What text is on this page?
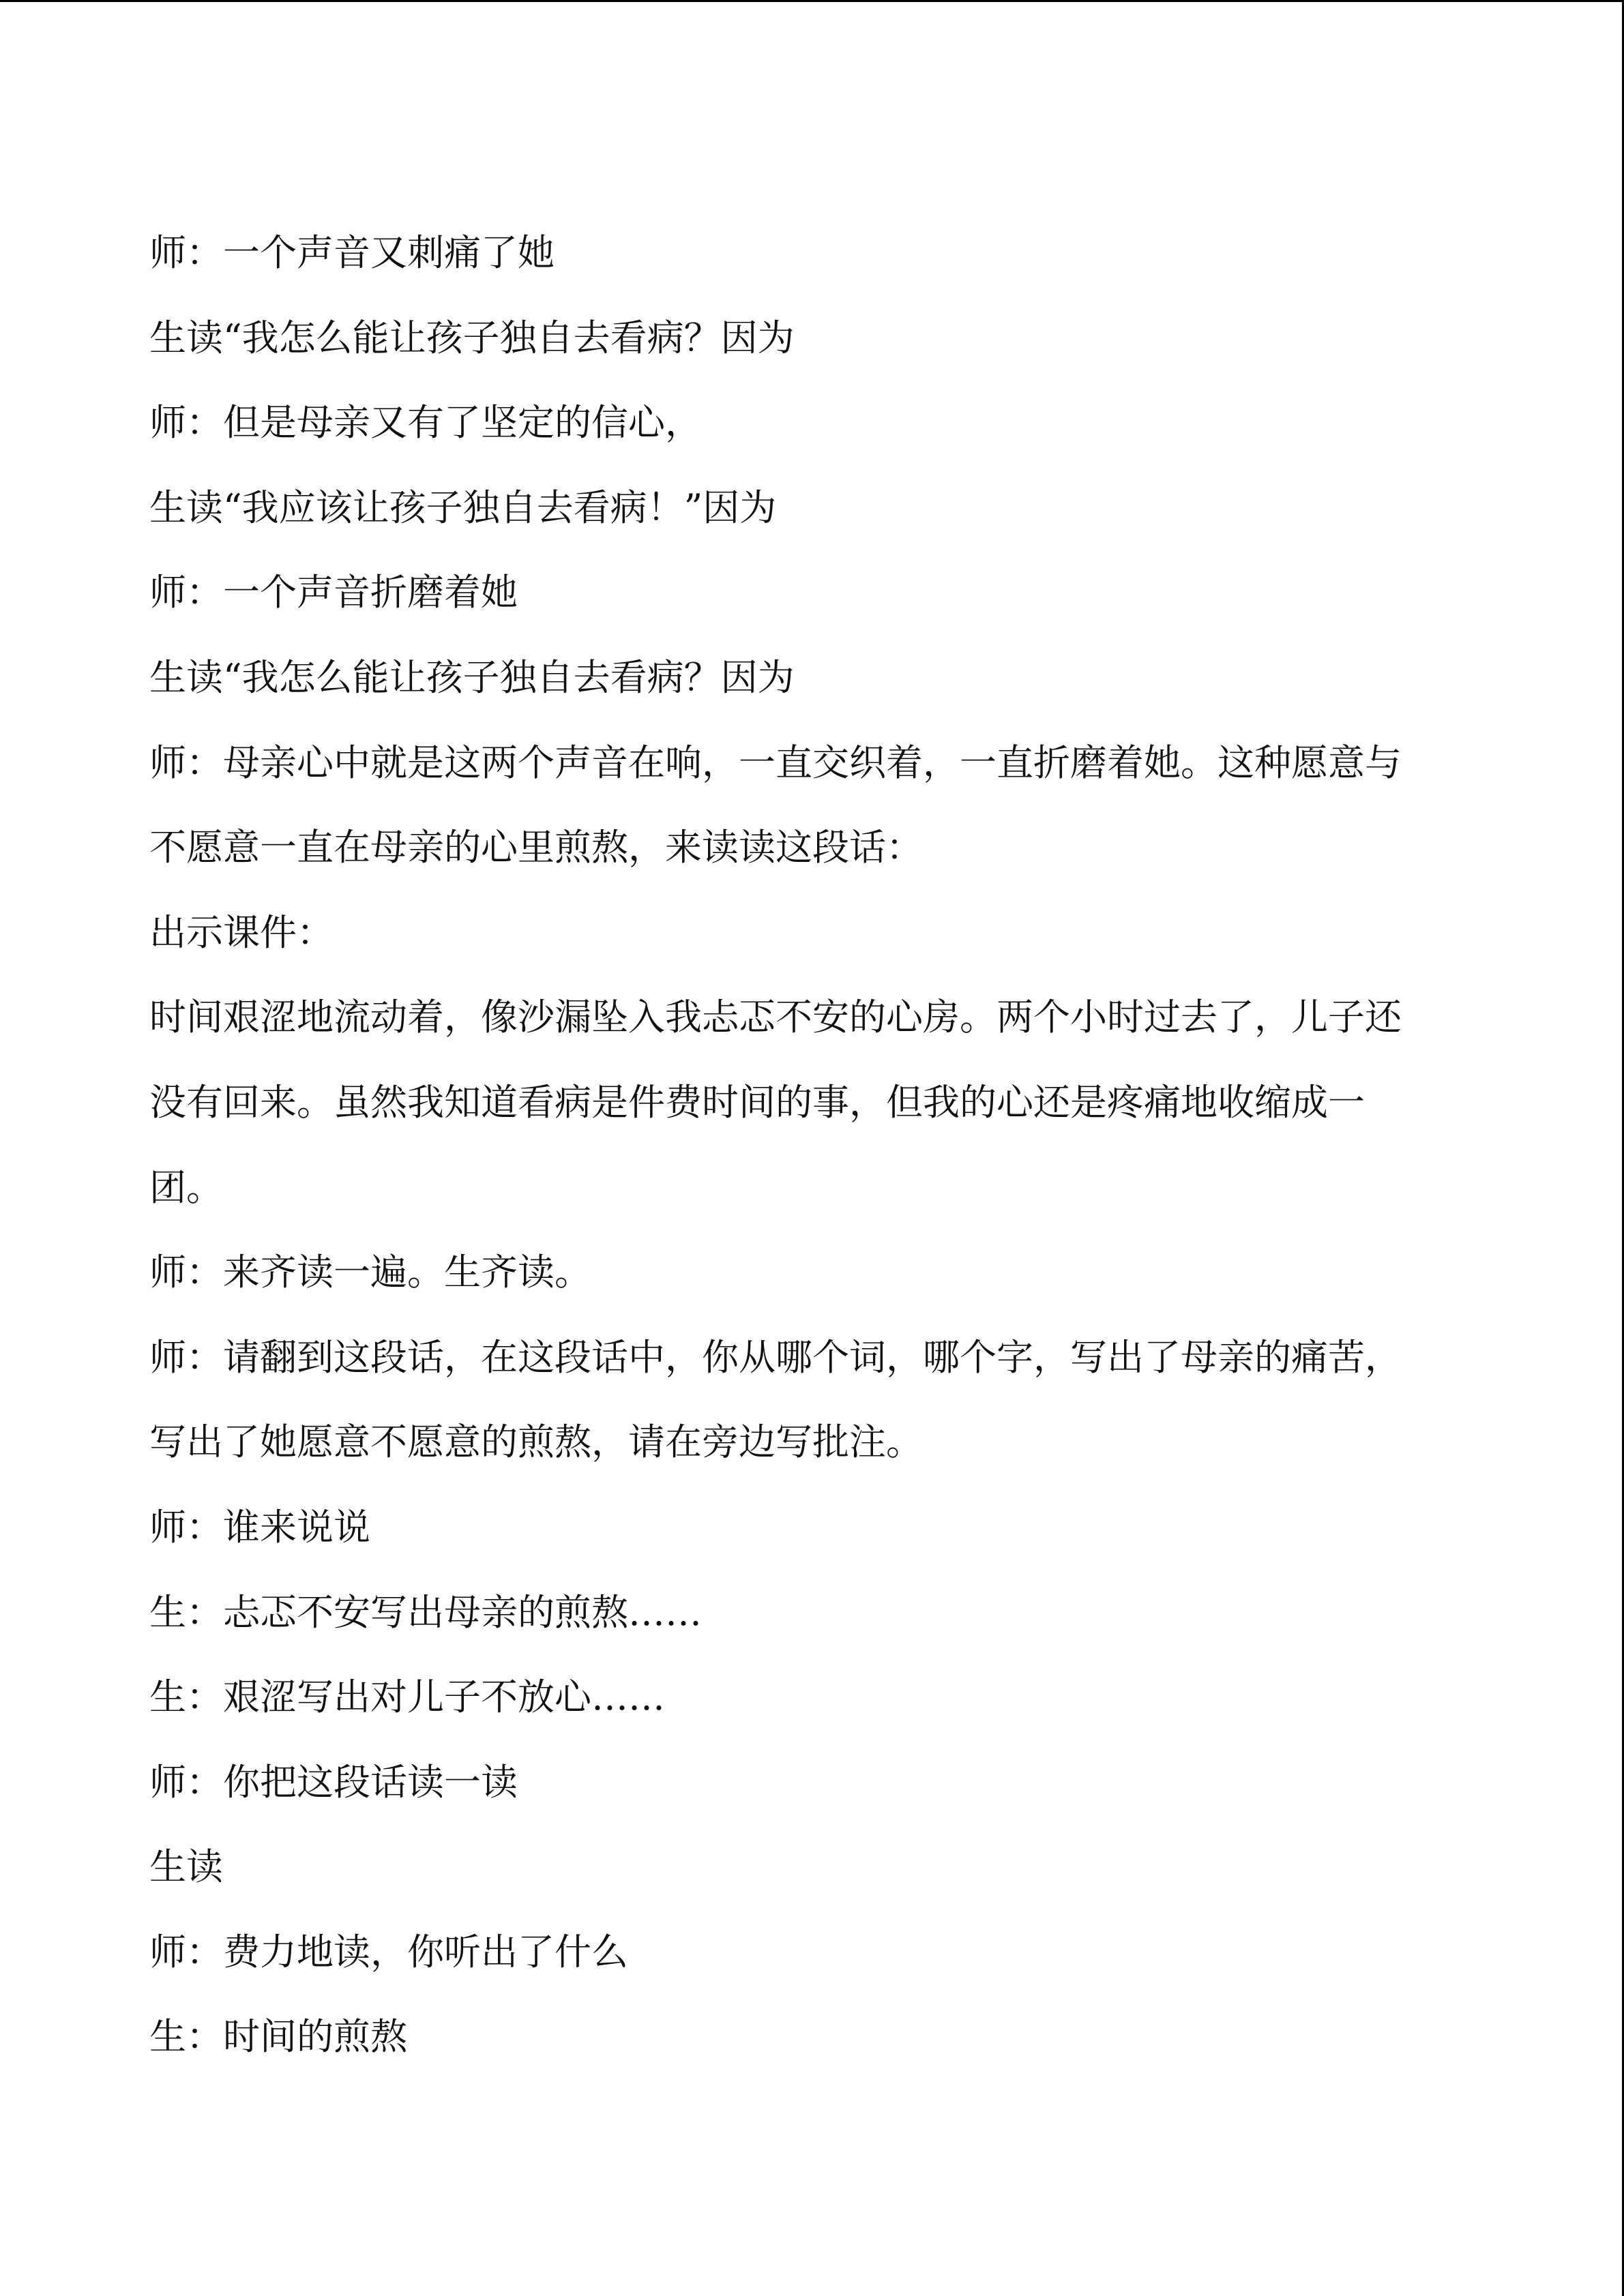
师：一个声音又刺痛了她
生读“我怎么能让孩子独自去看病？因为
师：但是母亲又有了坚定的信心，
生读“我应该让孩子独自去看病！”因为
师：一个声音折磨着她
生读“我怎么能让孩子独自去看病？因为
师：母亲心中就是这两个声音在响，一直交织着，一直折磨着她。这种愿意与
不愿意一直在母亲的心里煎熬，来读读这段话：
出示课件：
时间艰涩地流动着，像沙漏坠入我忐忑不安的心房。两个小时过去了，儿子还
没有回来。虽然我知道看病是件费时间的事，但我的心还是疼痛地收缩成一
团。
师：来齐读一遍。生齐读。
师：请翻到这段话，在这段话中，你从哪个词，哪个字，写出了母亲的痛苦，
写出了她愿意不愿意的煎熬，请在旁边写批注。
师：谁来说说
生：忐忑不安写出母亲的煎熬……
生：艰涩写出对儿子不放心……
师：你把这段话读一读
生读
师：费力地读，你听出了什么
生：时间的煎熬
